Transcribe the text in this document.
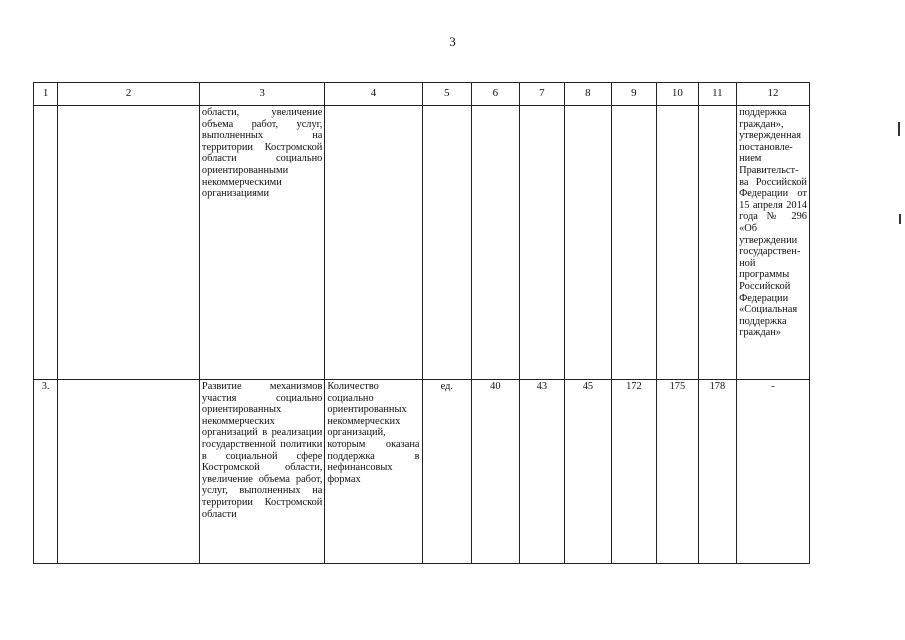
3
1	2	3	4	5	6	7	8	9	10	11	12
		области, увеличение объема работ, услуг, выполненных на территории Костромской области социально ориентированными некоммерческими организациями									поддержка граждан», утвержденная постановле-нием Правительст-ва Российской Федерации от 15 апреля 2014 года № 296 «Об утверждении государствен-ной программы Российской Федерации «Социальная поддержка граждан»
3.		Развитие механизмов участия социально ориентированных некоммерческих организаций в реализации государственной политики в социальной сфере Костромской области, увеличение объема работ, услуг, выполненных на территории Костромской области	Количество социально ориентированных некоммерческих организаций, которым оказана поддержка в нефинансовых формах	ед.	40	43	45	172	175	178	-
